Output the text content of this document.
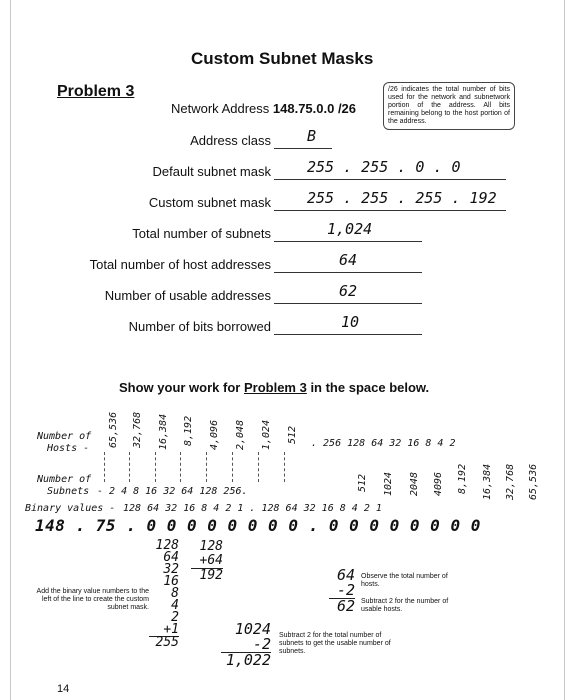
Custom Subnet Masks
Problem 3
Network Address 148.75.0.0 /26
/26 indicates the total number of bits used for the network and subnetwork portion of the address. All bits remaining belong to the host portion of the address.
Address class B
Default subnet mask 255 . 255 . 0 . 0
Custom subnet mask 255 . 255 . 255 . 192
Total number of subnets	1,024
Total number of host addresses	64
Number of usable addresses	62
Number of bits borrowed	10
Show your work for Problem 3 in the space below.
Number of
Hosts -
65,536 32,768 16,384 8,192 4,096 2,048 1,024 512 . 256 128 64 32 16 8 4 2
Number of
Subnets - 2 4 8 16 32 64 128 256.	512 1024 2048 4096 8,192 16,384 32,768 65,536
Binary values - 128 64 32 16 8 4 2 1 . 128 64 32 16 8 4 2 1
148 . 75 . 0 0 0 0 0 0 0 0 . 0 0 0 0 0 0 0 0
128
64
32
16
8
4
2
+1
255
128
+64
192
Add the binary value numbers to the left of the line to create the custom subnet mask.
64
-2
62
Observe the total number of hosts.
Subtract 2 for the number of usable hosts.
1024
-2
1,022
Subtract 2 for the total number of subnets to get the usable number of subnets.
14
